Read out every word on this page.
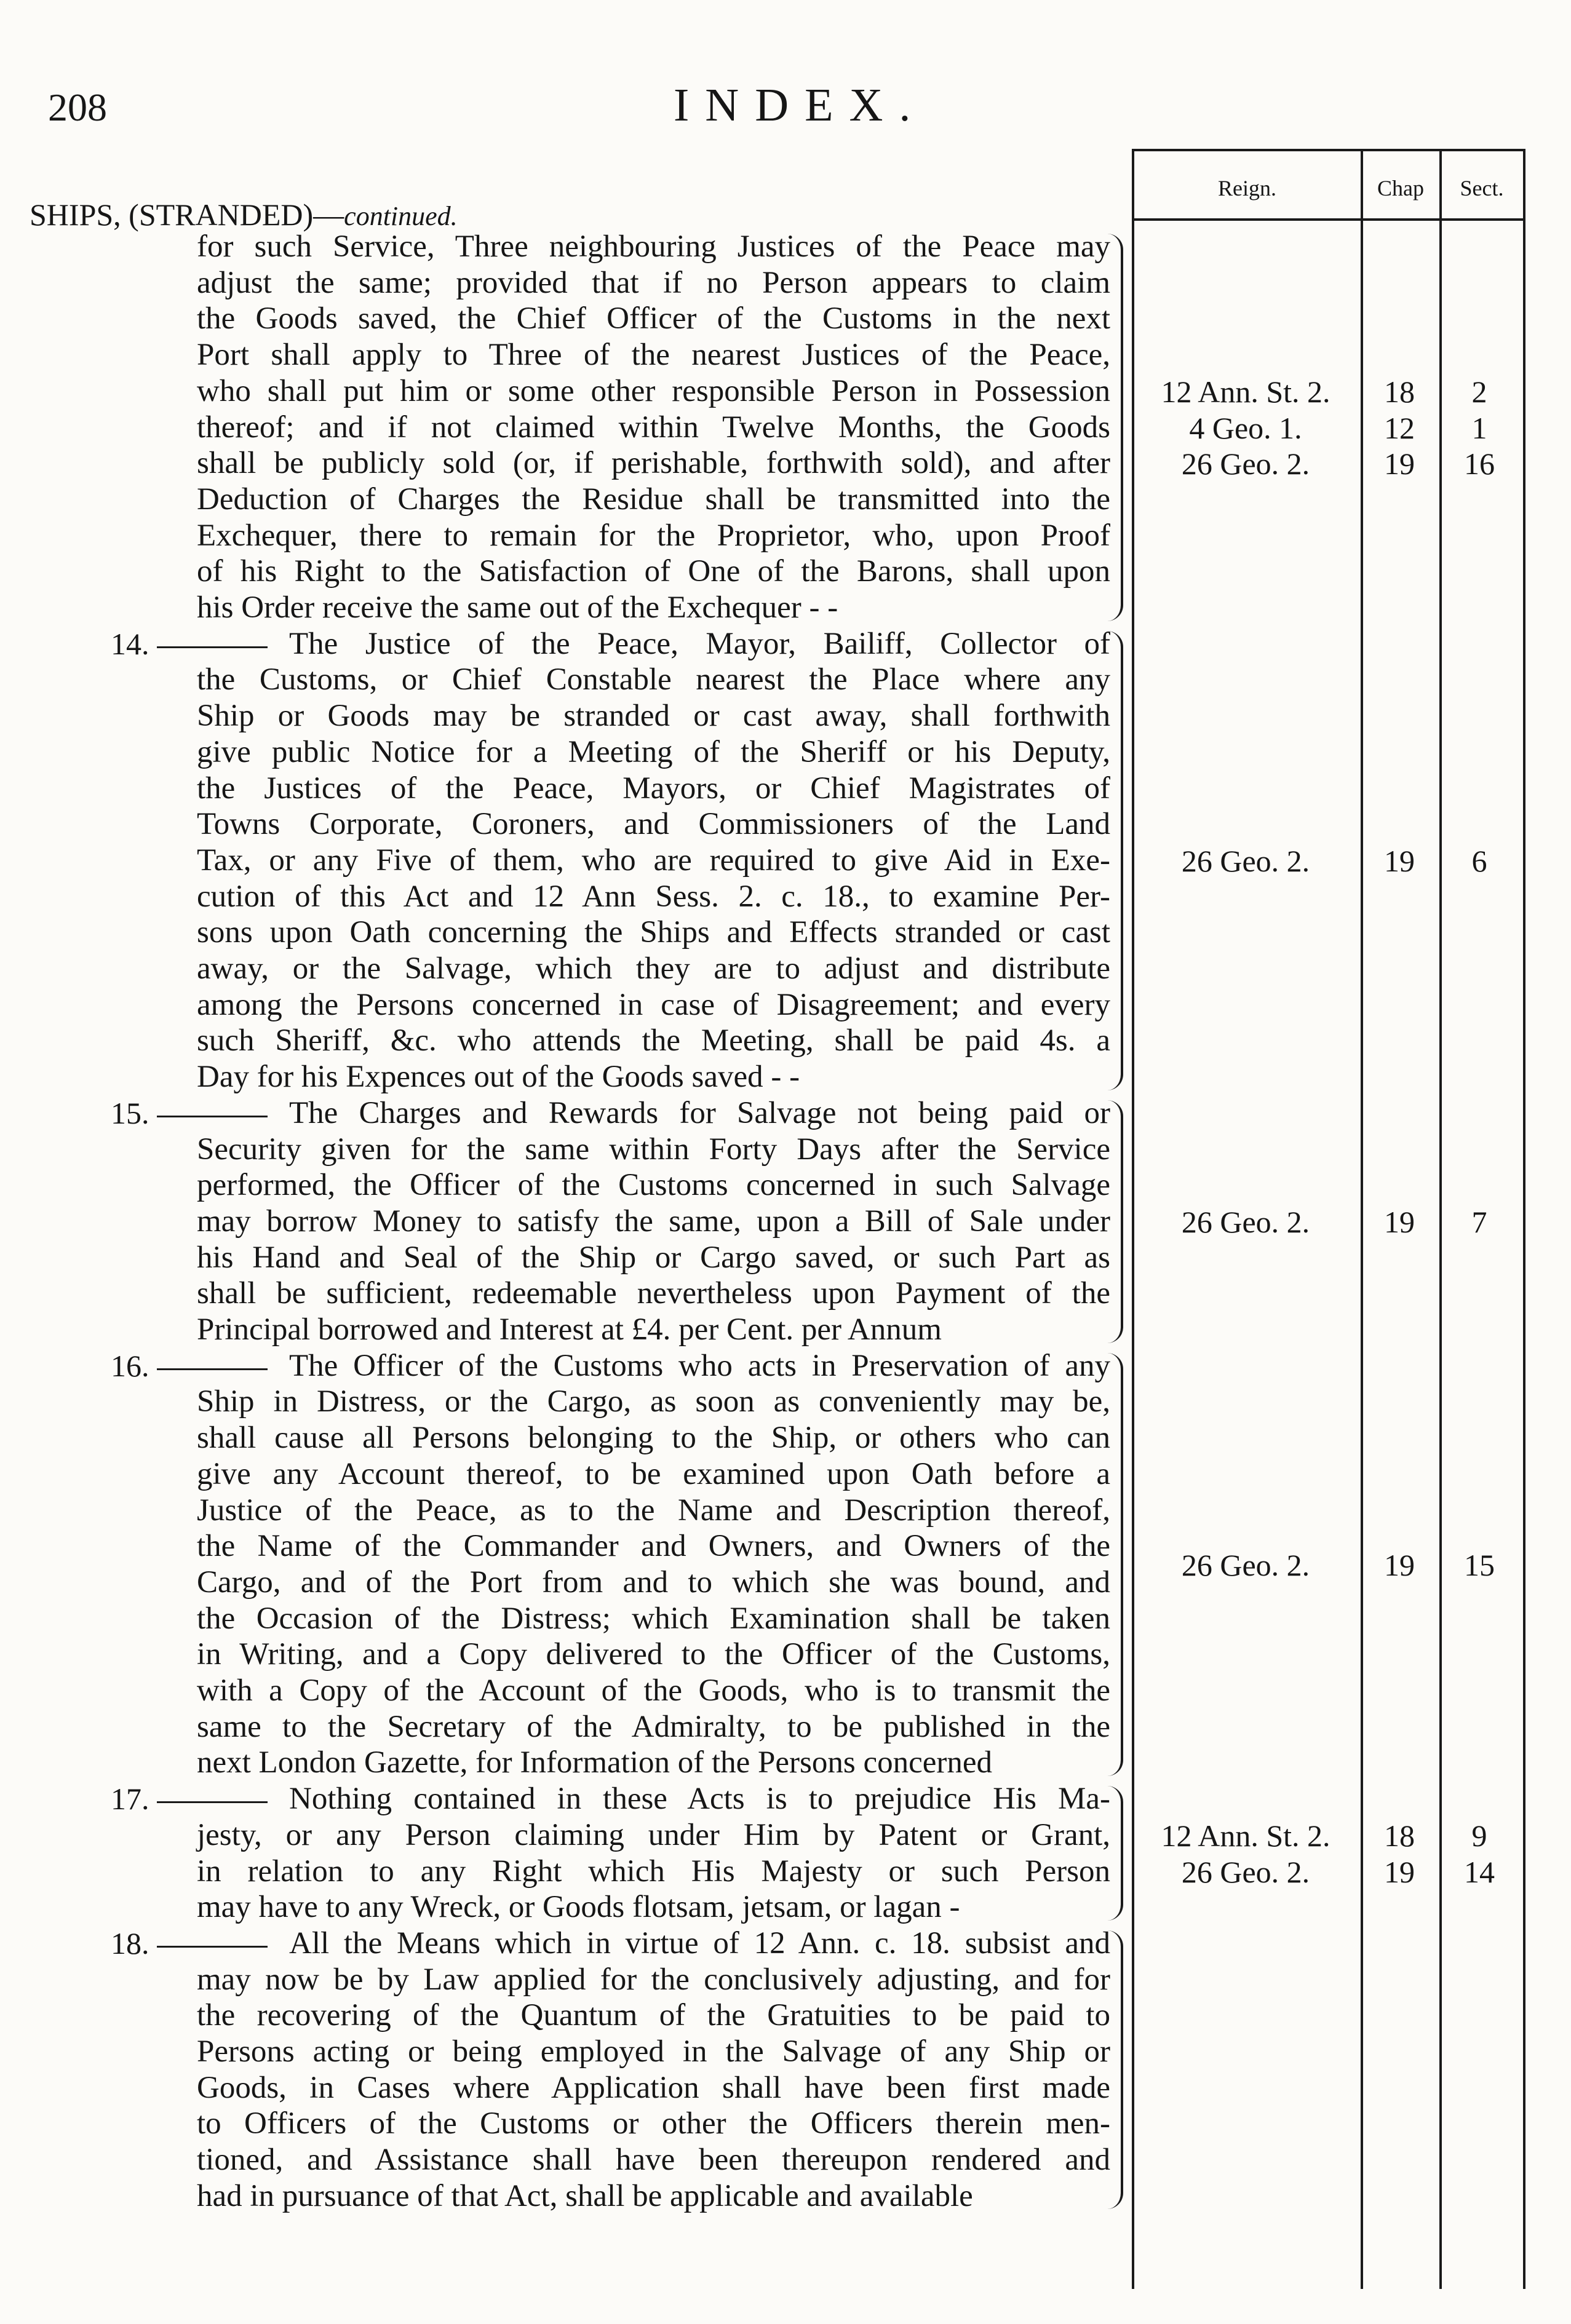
208	INDEX.
Reign.	Chap	Sect.
SHIPS, (STRANDED)—continued.
for such Service, Three neighbouring Justices of the Peace may
adjust the same; provided that if no Person appears to claim
the Goods saved, the Chief Officer of the Customs in the next
Port shall apply to Three of the nearest Justices of the Peace,
who shall put him or some other responsible Person in Possession
thereof; and if not claimed within Twelve Months, the Goods
shall be publicly sold (or, if perishable, forthwith sold), and after
Deduction of Charges the Residue shall be transmitted into the
Exchequer, there to remain for the Proprietor, who, upon Proof
of his Right to the Satisfaction of One of the Barons, shall upon
his Order receive the same out of the Exchequer - -
12 Ann. St. 2.	18	2
4 Geo. 1.	12	1
26 Geo. 2.	19	16
14.	The Justice of the Peace, Mayor, Bailiff, Collector of
the Customs, or Chief Constable nearest the Place where any
Ship or Goods may be stranded or cast away, shall forthwith
give public Notice for a Meeting of the Sheriff or his Deputy,
the Justices of the Peace, Mayors, or Chief Magistrates of
Towns Corporate, Coroners, and Commissioners of the Land
Tax, or any Five of them, who are required to give Aid in Exe-
cution of this Act and 12 Ann Sess. 2. c. 18., to examine Per-
sons upon Oath concerning the Ships and Effects stranded or cast
away, or the Salvage, which they are to adjust and distribute
among the Persons concerned in case of Disagreement; and every
such Sheriff, &c. who attends the Meeting, shall be paid 4s. a
Day for his Expences out of the Goods saved - -
26 Geo. 2.	19	6
15.	The Charges and Rewards for Salvage not being paid or
Security given for the same within Forty Days after the Service
performed, the Officer of the Customs concerned in such Salvage
may borrow Money to satisfy the same, upon a Bill of Sale under
his Hand and Seal of the Ship or Cargo saved, or such Part as
shall be sufficient, redeemable nevertheless upon Payment of the
Principal borrowed and Interest at £4. per Cent. per Annum
26 Geo. 2.	19	7
16.	The Officer of the Customs who acts in Preservation of any
Ship in Distress, or the Cargo, as soon as conveniently may be,
shall cause all Persons belonging to the Ship, or others who can
give any Account thereof, to be examined upon Oath before a
Justice of the Peace, as to the Name and Description thereof,
the Name of the Commander and Owners, and Owners of the
Cargo, and of the Port from and to which she was bound, and
the Occasion of the Distress; which Examination shall be taken
in Writing, and a Copy delivered to the Officer of the Customs,
with a Copy of the Account of the Goods, who is to transmit the
same to the Secretary of the Admiralty, to be published in the
next London Gazette, for Information of the Persons concerned
26 Geo. 2.	19	15
17.	Nothing contained in these Acts is to prejudice His Ma-
jesty, or any Person claiming under Him by Patent or Grant,
in relation to any Right which His Majesty or such Person
may have to any Wreck, or Goods flotsam, jetsam, or lagan -
12 Ann. St. 2.	18	9
26 Geo. 2.	19	14
18.	All the Means which in virtue of 12 Ann. c. 18. subsist and
may now be by Law applied for the conclusively adjusting, and for
the recovering of the Quantum of the Gratuities to be paid to
Persons acting or being employed in the Salvage of any Ship or
Goods, in Cases where Application shall have been first made
to Officers of the Customs or other the Officers therein men-
tioned, and Assistance shall have been thereupon rendered and
had in pursuance of that Act, shall be applicable and available
